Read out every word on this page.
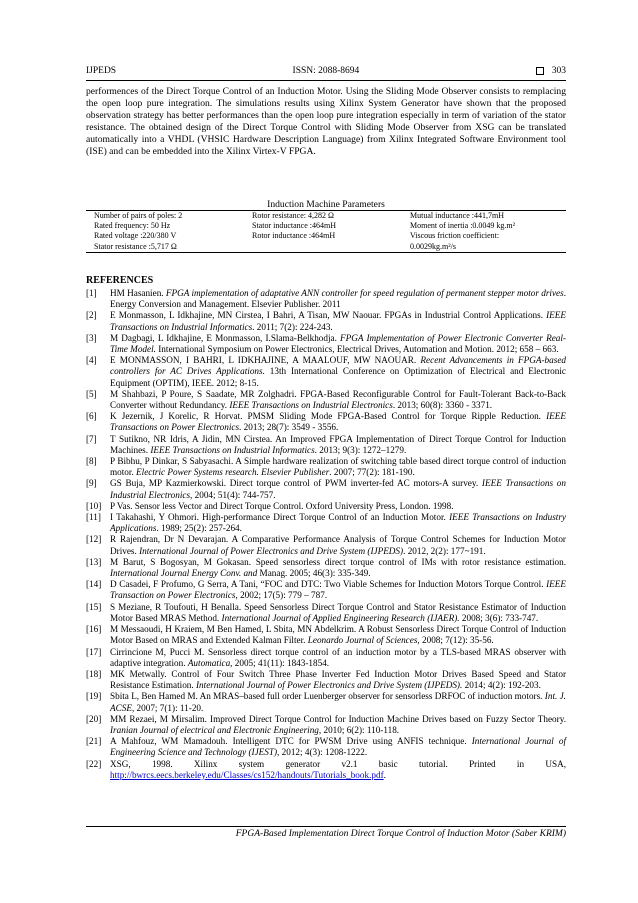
IJPEDS	ISSN: 2088-8694	303
performences of the Direct Torque Control of an Induction Motor. Using the Sliding Mode Observer consists to remplacing the open loop pure integration. The simulations results using Xilinx System Generator have shown that the proposed observation strategy has better performances than the open loop pure integration especially in term of variation of the stator resistance. The obtained design of the Direct Torque Control with Sliding Mode Observer from XSG can be translated automatically into a VHDL (VHSIC Hardware Description Language) from Xilinx Integrated Software Environment tool (ISE) and can be embedded into the Xilinx Virtex-V FPGA.
Induction Machine Parameters
Number of pairs of poles: 2	Rotor resistance: 4,282 Ω	Mutual inductance :441,7mH
Rated frequency: 50 Hz	Stator inductance :464mH	Moment of inertia :0.0049 kg.m²
Rated voltage :220/380 V	Rotor inductance :464mH	Viscous friction coefficient:
Stator resistance :5,717 Ω		0.0029kg.m²/s
REFERENCES
[1]	HM Hasanien. FPGA implementation of adaptative ANN controller for speed regulation of permanent stepper motor drives. Energy Conversion and Management. Elsevier Publisher. 2011
[2]	E Monmasson, L Idkhajine, MN Cirstea, I Bahri, A Tisan, MW Naouar. FPGAs in Industrial Control Applications. IEEE Transactions on Industrial Informatics. 2011; 7(2): 224-243.
[3]	M Dagbagi, L Idkhajine, E Monmasson, I.Slama-Belkhodja. FPGA Implementation of Power Electronic Converter Real-Time Model. International Symposium on Power Electronics, Electrical Drives, Automation and Motion. 2012; 658 – 663.
[4]	E MONMASSON, I BAHRI, L IDKHAJINE, A MAALOUF, MW NAOUAR. Recent Advancements in FPGA-based controllers for AC Drives Applications. 13th International Conference on Optimization of Electrical and Electronic Equipment (OPTIM), IEEE. 2012; 8-15.
[5]	M Shahbazi, P Poure, S Saadate, MR Zolghadri. FPGA-Based Reconfigurable Control for Fault-Tolerant Back-to-Back Converter without Redundancy. IEEE Transactions on Industrial Electronics. 2013; 60(8): 3360 - 3371.
[6]	K Jezernik, J Korelic, R Horvat. PMSM Sliding Mode FPGA-Based Control for Torque Ripple Reduction. IEEE Transactions on Power Electronics. 2013; 28(7): 3549 - 3556.
[7]	T Sutikno, NR Idris, A Jidin, MN Cirstea. An Improved FPGA Implementation of Direct Torque Control for Induction Machines. IEEE Transactions on Industrial Informatics. 2013; 9(3): 1272–1279.
[8]	P Bibhu, P Dinkar, S Sabyasachi. A Simple hardware realization of switching table based direct torque control of induction motor. Electric Power Systems research. Elsevier Publisher. 2007; 77(2): 181-190.
[9]	GS Buja, MP Kazmierkowski. Direct torque control of PWM inverter-fed AC motors-A survey. IEEE Transactions on Industrial Electronics, 2004; 51(4): 744-757.
[10] P Vas. Sensor less Vector and Direct Torque Control. Oxford University Press, London. 1998.
[11] I Takahashi, Y Ohmori. High-performance Direct Torque Control of an Induction Motor. IEEE Transactions on Industry Applications. 1989; 25(2): 257-264.
[12] R Rajendran, Dr N Devarajan. A Comparative Performance Analysis of Torque Control Schemes for Induction Motor Drives. International Journal of Power Electronics and Drive System (IJPEDS). 2012, 2(2): 177~191.
[13] M Barut, S Bogosyan, M Gokasan. Speed sensorless direct torque control of IMs with rotor resistance estimation. International Journal Energy Conv. and Manag. 2005; 46(3): 335-349.
[14] D Casadei, F Profumo, G Serra, A Tani, “FOC and DTC: Two Viable Schemes for Induction Motors Torque Control. IEEE Transaction on Power Electronics, 2002; 17(5): 779 – 787.
[15] S Meziane, R Toufouti, H Benalla. Speed Sensorless Direct Torque Control and Stator Resistance Estimator of Induction Motor Based MRAS Method. International Journal of Applied Engineering Research (IJAER). 2008; 3(6): 733-747.
[16] M Messaoudi, H Kraiem, M Ben Hamed, L Sbita, MN Abdelkrim. A Robust Sensorless Direct Torque Control of Induction Motor Based on MRAS and Extended Kalman Filter. Leonardo Journal of Sciences, 2008; 7(12): 35-56.
[17] Cirrincione M, Pucci M. Sensorless direct torque control of an induction motor by a TLS-based MRAS observer with adaptive integration. Automatica, 2005; 41(11): 1843-1854.
[18] MK Metwally. Control of Four Switch Three Phase Inverter Fed Induction Motor Drives Based Speed and Stator Resistance Estimation. International Journal of Power Electronics and Drive System (IJPEDS). 2014; 4(2): 192-203.
[19] Sbita L, Ben Hamed M. An MRAS–based full order Luenberger observer for sensorless DRFOC of induction motors. Int. J. ACSE, 2007; 7(1): 11-20.
[20] MM Rezaei, M Mirsalim. Improved Direct Torque Control for Induction Machine Drives based on Fuzzy Sector Theory. Iranian Journal of electrical and Electronic Engineering, 2010; 6(2): 110-118.
[21] A Mahfouz, WM Mamadouh. Intelligent DTC for PWSM Drive using ANFIS technique. International Journal of Engineering Science and Technology (IJEST), 2012; 4(3): 1208-1222.
[22] XSG, 1998. Xilinx system generator v2.1 basic tutorial. Printed in USA, http://bwrcs.eecs.berkeley.edu/Classes/cs152/handouts/Tutorials_book.pdf.
FPGA-Based Implementation Direct Torque Control of Induction Motor (Saber KRIM)
